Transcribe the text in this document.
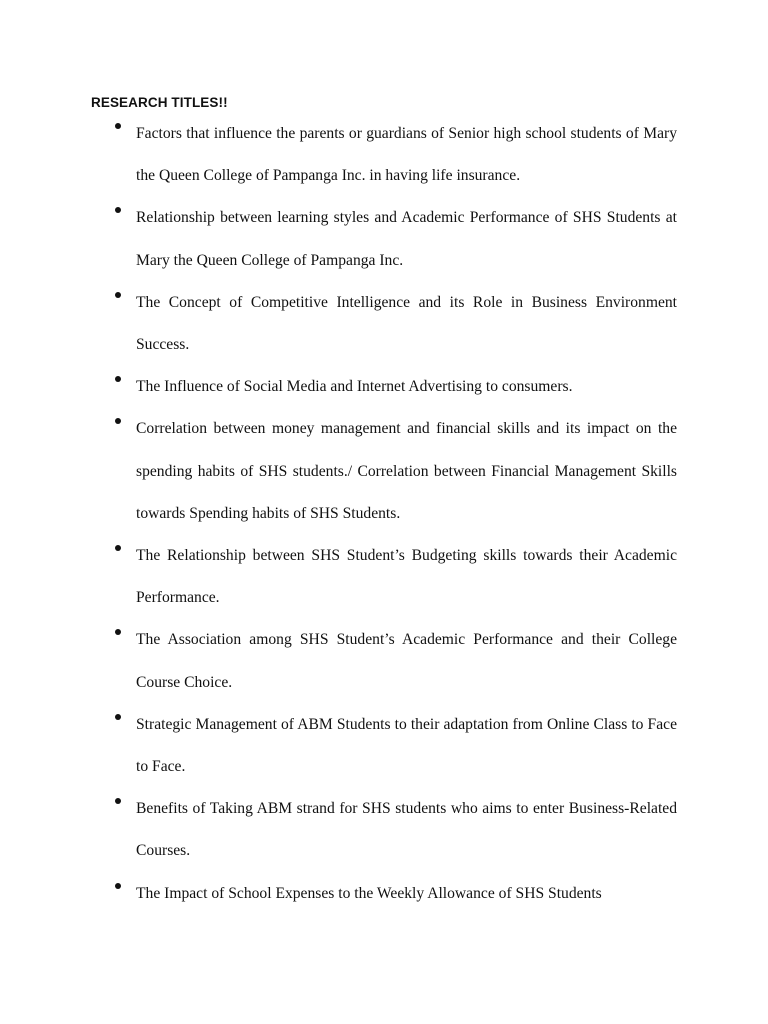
RESEARCH TITLES!!
Factors that influence the parents or guardians of Senior high school students of Mary the Queen College of Pampanga Inc. in having life insurance.
Relationship between learning styles and Academic Performance of SHS Students at Mary the Queen College of Pampanga Inc.
The Concept of Competitive Intelligence and its Role in Business Environment Success.
The Influence of Social Media and Internet Advertising to consumers.
Correlation between money management and financial skills and its impact on the spending habits of SHS students./ Correlation between Financial Management Skills towards Spending habits of SHS Students.
The Relationship between SHS Student’s Budgeting skills towards their Academic Performance.
The Association among SHS Student’s Academic Performance and their College Course Choice.
Strategic Management of ABM Students to their adaptation from Online Class to Face to Face.
Benefits of Taking ABM strand for SHS students who aims to enter Business-Related Courses.
The Impact of School Expenses to the Weekly Allowance of SHS Students
